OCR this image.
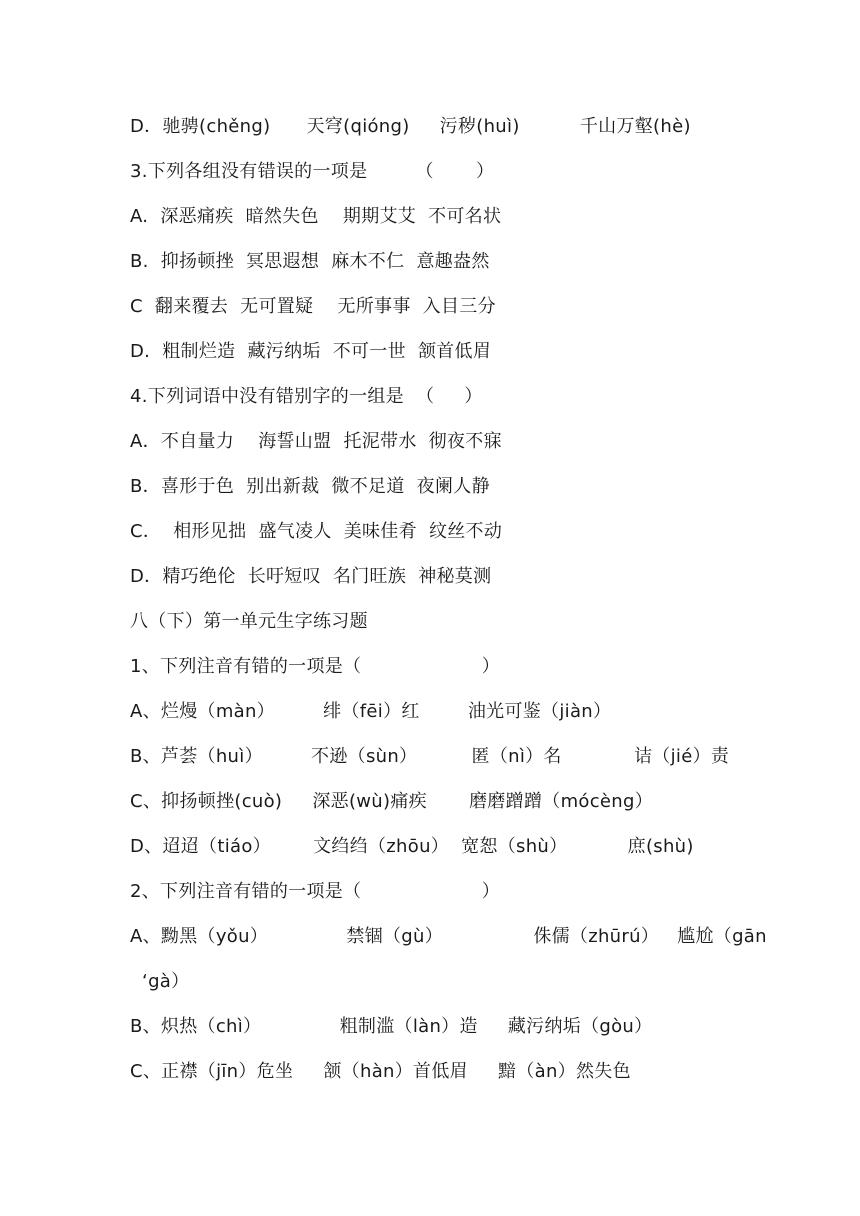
D．驰骋(chěng)      天穹(qióng)     污秽(huì)          千山万壑(hè)
3.下列各组没有错误的一项是        （       ）
A.  深恶痛疾  暗然失色    期期艾艾  不可名状
B.  抑扬顿挫  冥思遐想  麻木不仁  意趣盎然
C  翻来覆去  无可置疑    无所事事  入目三分
D.  粗制烂造  藏污纳垢  不可一世  颔首低眉
4.下列词语中没有错别字的一组是  （     ）
A．不自量力    海誓山盟  托泥带水  彻夜不寐
B．喜形于色  别出新裁  微不足道  夜阑人静
C．  相形见拙  盛气凌人  美味佳肴  纹丝不动
D．精巧绝伦  长吁短叹  名门旺族  神秘莫测
八（下）第一单元生字练习题
1、下列注音有错的一项是（                    ）
A、烂熳（màn）        绯（fēi）红        油光可鉴（jiàn）
B、芦荟（huì）        不逊（sùn）         匿（nì）名            诘（jié）责
C、抑扬顿挫(cuò)     深恶(wù)痛疾       磨磨蹭蹭（mócèng）
D、迢迢（tiáo）       文绉绉（zhōu）  宽恕（shù）          庶(shù)
2、下列注音有错的一项是（                    ）
A、黝黑（yǒu）             禁锢（gù）               侏儒（zhūrú）   尴尬（gān
‘gà）
B、炽热（chì）             粗制滥（làn）造     藏污纳垢（gòu）
C、正襟（jīn）危坐     颔（hàn）首低眉     黯（àn）然失色
